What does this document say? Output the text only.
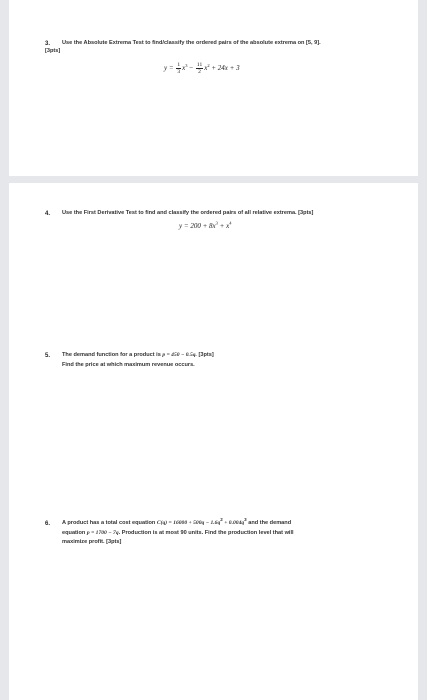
3. Use the Absolute Extrema Test to find/classify the ordered pairs of the absolute extrema on [5, 9].
[3pts]
$y = \frac{1}{3} x^3 - \frac{11}{2} x^2 + 24x + 3$
4. Use the First Derivative Test to find and classify the ordered pairs of all relative extrema. [3pts]
$y = 200 + 8x^3 + x^4$
5. The demand function for a product is p = 450 − 0.5q. [3pts]
Find the price at which maximum revenue occurs.
6. A product has a total cost equation $C(q) = 16000 + 500q - 1.6q^2 + 0.004q^3$ and the demand
equation p = 1700 − 7q. Production is at most 90 units. Find the production level that will
maximize profit. [3pts]
